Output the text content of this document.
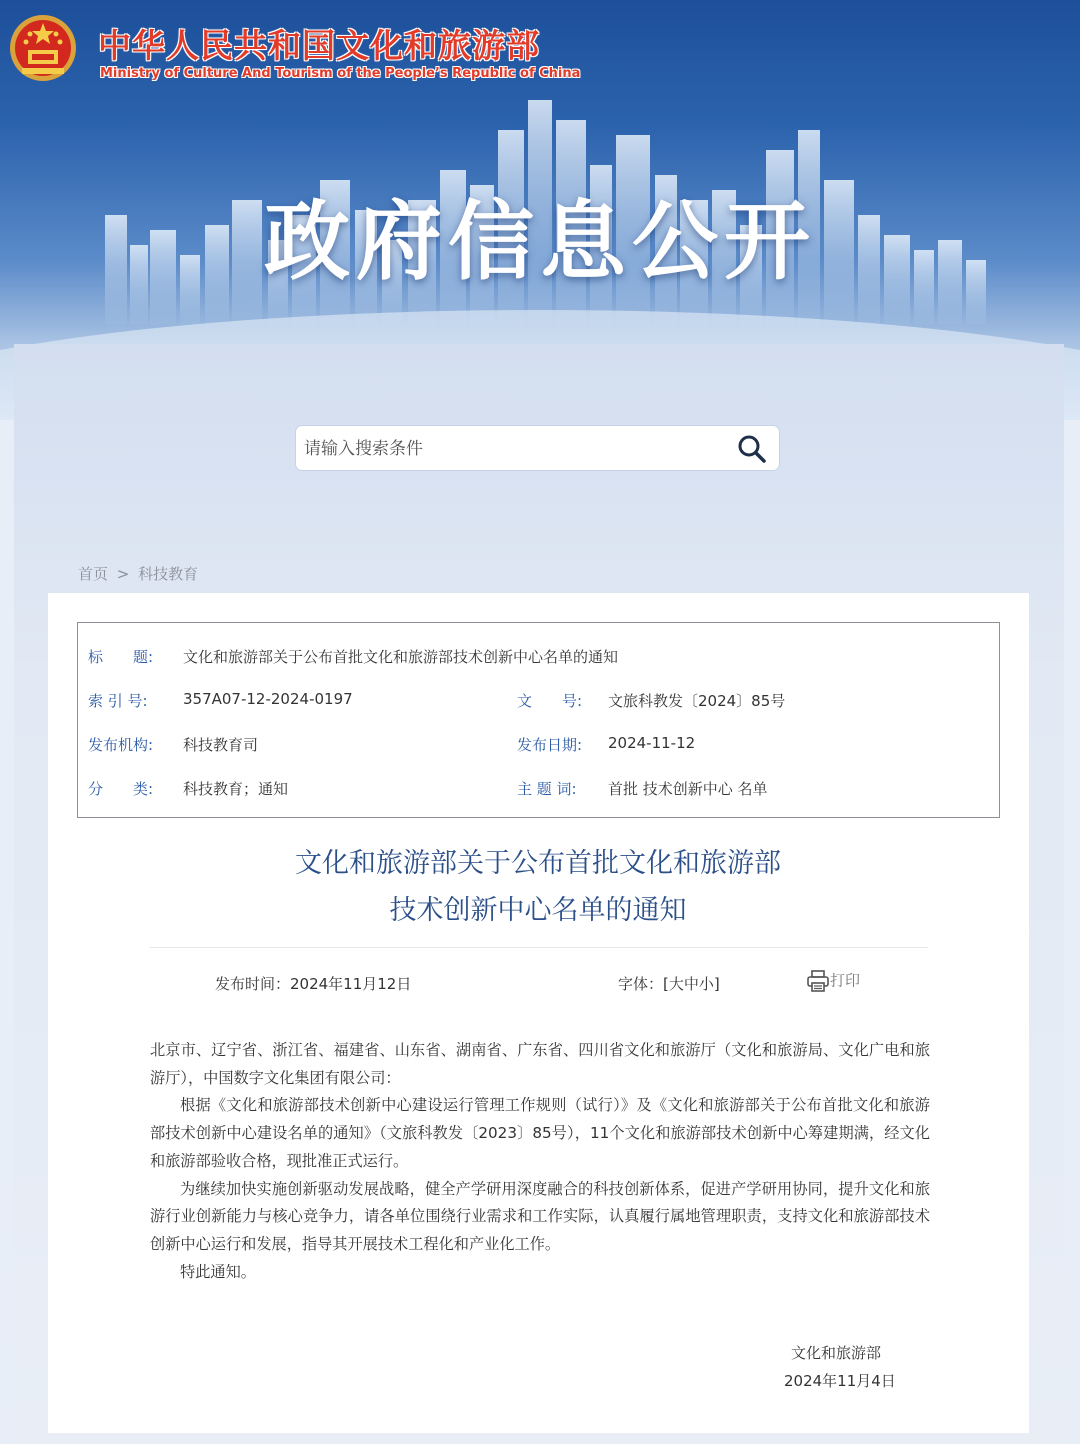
中华人民共和国文化和旅游部
Ministry of Culture And Tourism of the People’s Republic of China
政府信息公开
请输入搜索条件
首页 > 科技教育
标　　题: 文化和旅游部关于公布首批文化和旅游部技术创新中心名单的通知
索 引 号: 357A07-12-2024-0197	文　　号: 文旅科教发〔2024〕85号
发布机构: 科技教育司	发布日期: 2024-11-12
分　　类: 科技教育；通知	主 题 词: 首批 技术创新中心 名单
文化和旅游部关于公布首批文化和旅游部
技术创新中心名单的通知
发布时间：2024年11月12日	字体：[大中小]	打印

北京市、辽宁省、浙江省、福建省、山东省、湖南省、广东省、四川省文化和旅游厅（文化和旅游局、文化广电和旅游厅），中国数字文化集团有限公司：

根据《文化和旅游部技术创新中心建设运行管理工作规则（试行）》及《文化和旅游部关于公布首批文化和旅游部技术创新中心建设名单的通知》（文旅科教发〔2023〕85号），11个文化和旅游部技术创新中心筹建期满，经文化和旅游部验收合格，现批准正式运行。

为继续加快实施创新驱动发展战略，健全产学研用深度融合的科技创新体系，促进产学研用协同，提升文化和旅游行业创新能力与核心竞争力，请各单位围绕行业需求和工作实际，认真履行属地管理职责，支持文化和旅游部技术创新中心运行和发展，指导其开展技术工程化和产业化工作。

特此通知。

文化和旅游部
2024年11月4日
